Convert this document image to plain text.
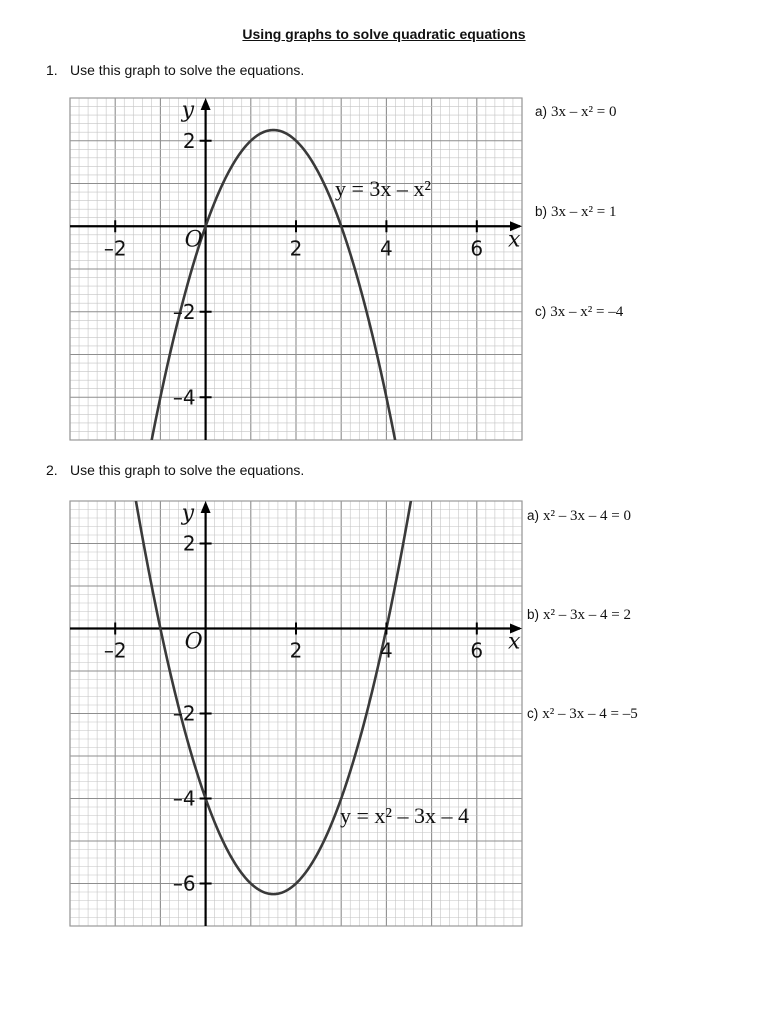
Using graphs to solve quadratic equations
1. Use this graph to solve the equations.
–2	2	4	6
2
–2
–4
O	x
y
y = 3x – x²
a) 3x – x² = 0
b) 3x – x² = 1
c) 3x – x² = –4
2. Use this graph to solve the equations.
–2	2	4	6
2
–2
–4
–6
O	x
y
y = x² – 3x – 4
a) x² – 3x – 4 = 0
b) x² – 3x – 4 = 2
c) x² – 3x – 4 = –5
